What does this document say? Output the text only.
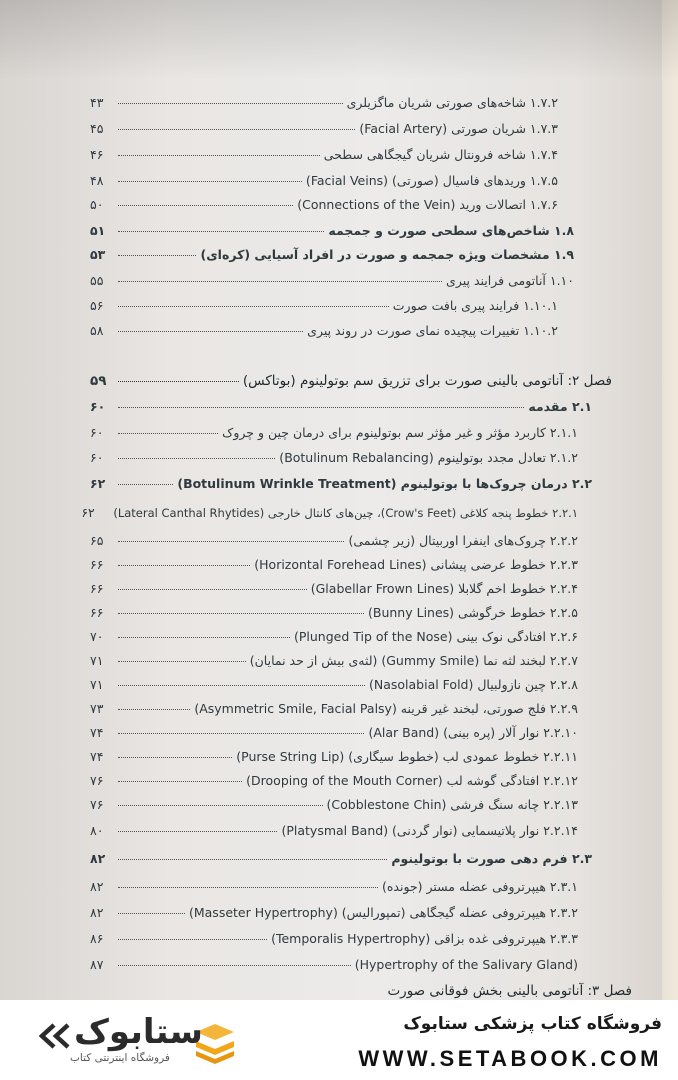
۱.۷.۲ شاخه‌های صورتی شریان ماگزیلری
۴۳
۱.۷.۳ شریان صورتی (Facial Artery)
۴۵
۱.۷.۴ شاخه فرونتال شریان گیجگاهی سطحی
۴۶
۱.۷.۵ وریدهای فاسیال (صورتی) (Facial Veins)
۴۸
۱.۷.۶ اتصالات ورید (Connections of the Vein)
۵۰
۱.۸ شاخص‌های سطحی صورت و جمجمه
۵۱
۱.۹ مشخصات ویژه جمجمه و صورت در افراد آسیایی (کره‌ای)
۵۳
۱.۱۰ آناتومی فرایند پیری
۵۵
۱.۱۰.۱ فرایند پیری بافت صورت
۵۶
۱.۱۰.۲ تغییرات پیچیده نمای صورت در روند پیری
۵۸
فصل ۲: آناتومی بالینی صورت برای تزریق سم بوتولینوم (بوتاکس)
۵۹
۲.۱ مقدمه
۶۰
۲.۱.۱ کاربرد مؤثر و غیر مؤثر سم بوتولینوم برای درمان چین و چروک
۶۰
۲.۱.۲ تعادل مجدد بوتولینوم (Botulinum Rebalancing)
۶۰
۲.۲ درمان چروک‌ها با بوتولینوم (Botulinum Wrinkle Treatment)
۶۲
۲.۲.۱ خطوط پنجه کلاغی (Crow's Feet)، چین‌های کانتال خارجی (Lateral Canthal Rhytides)
۶۲
۲.۲.۲ چروک‌های اینفرا اوربیتال (زیر چشمی)
۶۵
۲.۲.۳ خطوط عرضی پیشانی (Horizontal Forehead Lines)
۶۶
۲.۲.۴ خطوط اخم گلابلا (Glabellar Frown Lines)
۶۶
۲.۲.۵ خطوط خرگوشی (Bunny Lines)
۶۶
۲.۲.۶ افتادگی نوک بینی (Plunged Tip of the Nose)
۷۰
۲.۲.۷ لبخند لثه نما (Gummy Smile) (لثه‌ی بیش از حد نمایان)
۷۱
۲.۲.۸ چین نازولبیال (Nasolabial Fold)
۷۱
۲.۲.۹ فلج صورتی، لبخند غیر قرینه (Asymmetric Smile, Facial Palsy)
۷۳
۲.۲.۱۰ نوار آلار (پره بینی) (Alar Band)
۷۴
۲.۲.۱۱ خطوط عمودی لب (خطوط سیگاری) (Purse String Lip)
۷۴
۲.۲.۱۲ افتادگی گوشه لب (Drooping of the Mouth Corner)
۷۶
۲.۲.۱۳ چانه سنگ فرشی (Cobblestone Chin)
۷۶
۲.۲.۱۴ نوار پلاتیسمایی (نوار گردنی) (Platysmal Band)
۸۰
۲.۳ فرم دهی صورت با بوتولینوم
۸۲
۲.۳.۱ هیپرتروفی عضله مستر (جونده)
۸۲
۲.۳.۲ هیپرتروفی عضله گیجگاهی (تمپورالیس) (Masseter Hypertrophy)
۸۲
۲.۳.۳ هیپرتروفی غده بزاقی (Temporalis Hypertrophy)
۸۶
(Hypertrophy of the Salivary Gland)
۸۷
فصل ۳: آناتومی بالینی بخش فوقانی صورت
فروشگاه کتاب پزشکی ستابوک
WWW.SETABOOK.COM
ستابوک
فروشگاه اینترنتی کتاب
